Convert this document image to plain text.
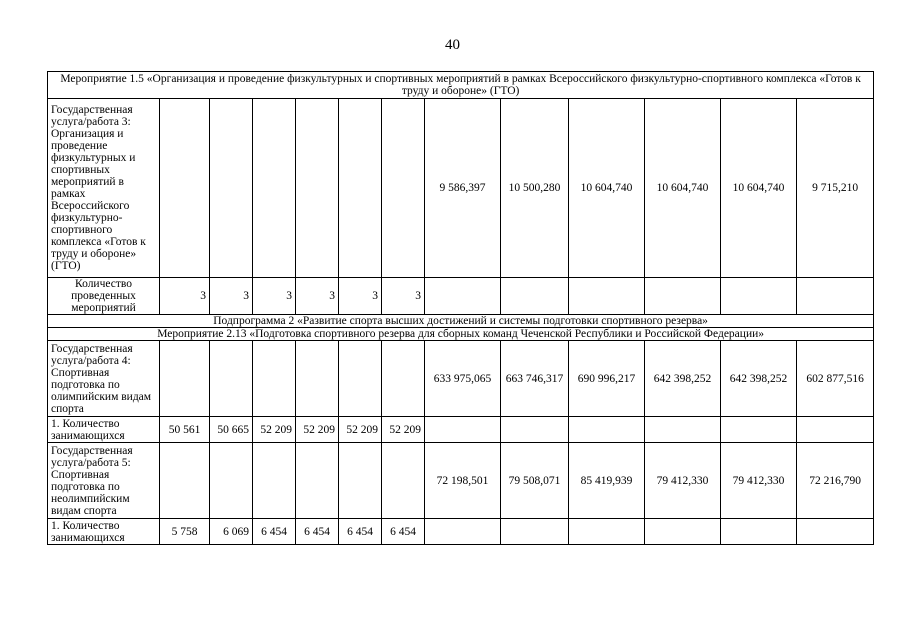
40
Мероприятие 1.5 «Организация и проведение физкультурных и спортивных мероприятий в рамках Всероссийского физкультурно-спортивного комплекса «Готов к труду и обороне» (ГТО)												
Государственная услуга/работа 3: Организация и проведение физкультурных и спортивных мероприятий в рамках Всероссийского физкультурно-спортивного комплекса «Готов к труду и обороне» (ГТО)							9 586,397	10 500,280	10 604,740	10 604,740	10 604,740	9 715,210
Количество проведенных мероприятий	3	3	3	3	3	3						
Подпрограмма 2 «Развитие спорта высших достижений и системы подготовки спортивного резерва»												
Мероприятие 2.13 «Подготовка спортивного резерва для сборных команд Чеченской Республики и Российской Федерации»												
Государственная услуга/работа 4: Спортивная подготовка по олимпийским видам спорта							633 975,065	663 746,317	690 996,217	642 398,252	642 398,252	602 877,516
1. Количество занимающихся	50 561	50 665	52 209	52 209	52 209	52 209						
Государственная услуга/работа 5: Спортивная подготовка по неолимпийским видам спорта							72 198,501	79 508,071	85 419,939	79 412,330	79 412,330	72 216,790
1. Количество занимающихся	5 758	6 069	6 454	6 454	6 454	6 454						
